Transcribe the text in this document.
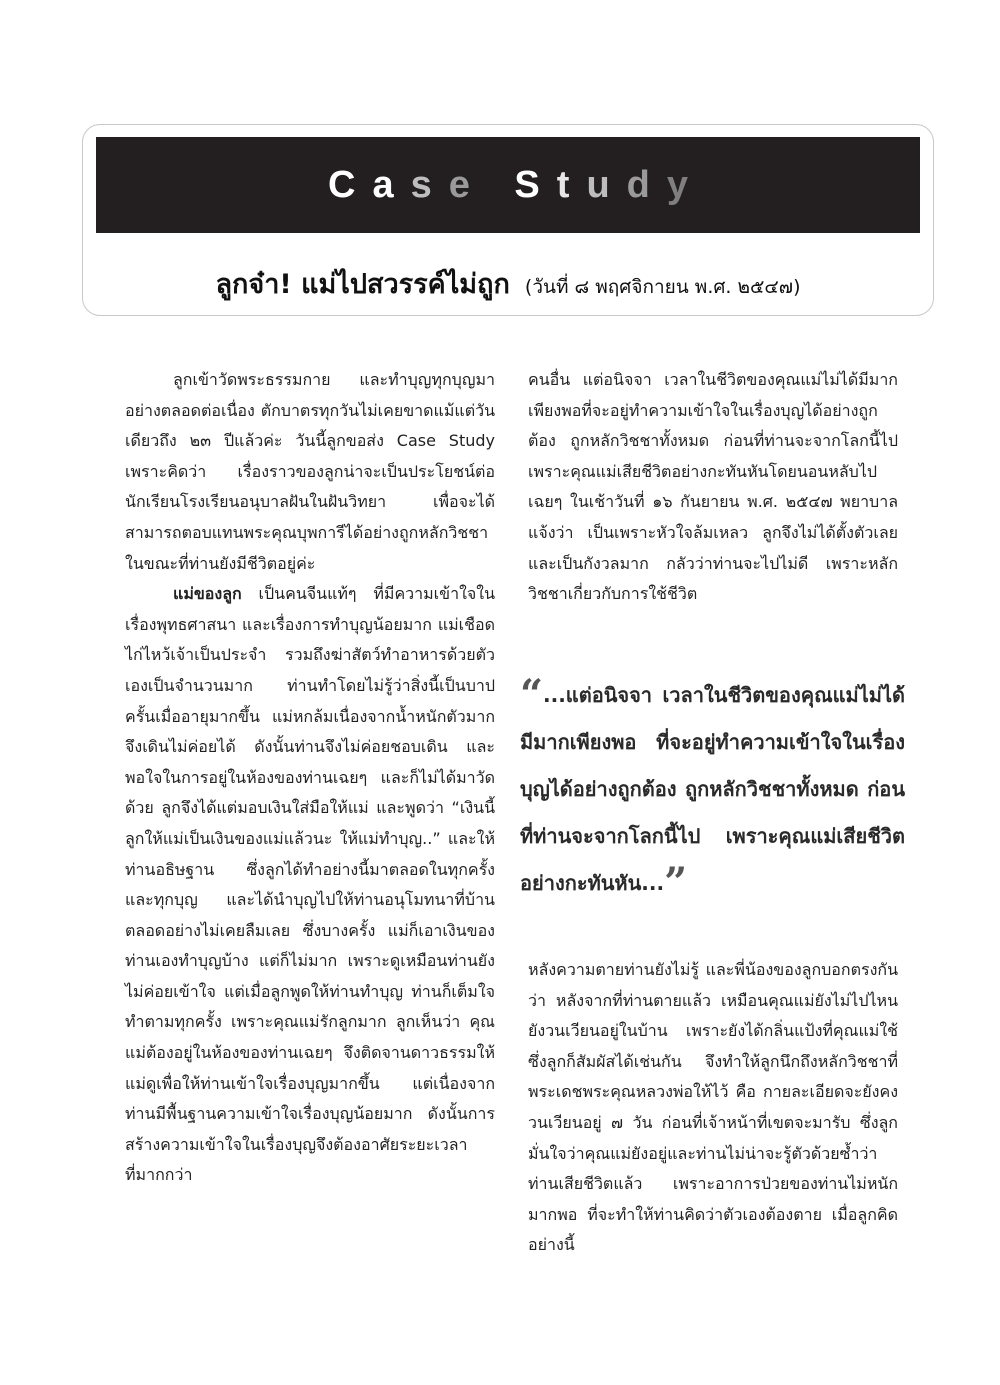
Case Study
ลูกจ๋า! แม่ไปสวรรค์ไม่ถูก (วันที่ ๘ พฤศจิกายน พ.ศ. ๒๕๔๗)

ลูกเข้าวัดพระธรรมกาย และทำบุญทุกบุญมาอย่างตลอดต่อเนื่อง ตักบาตรทุกวันไม่เคยขาดแม้แต่วันเดียวถึง ๒๓ ปีแล้วค่ะ วันนี้ลูกขอส่ง Case Study เพราะคิดว่า เรื่องราวของลูกน่าจะเป็นประโยชน์ต่อนักเรียนโรงเรียนอนุบาลฝันในฝันวิทยา เพื่อจะได้สามารถตอบแทนพระคุณบุพการีได้อย่างถูกหลักวิชชา ในขณะที่ท่านยังมีชีวิตอยู่ค่ะ

แม่ของลูก เป็นคนจีนแท้ๆ ที่มีความเข้าใจในเรื่องพุทธศาสนา และเรื่องการทำบุญน้อยมาก แม่เชือดไก่ไหว้เจ้าเป็นประจำ รวมถึงฆ่าสัตว์ทำอาหารด้วยตัวเองเป็นจำนวนมาก ท่านทำโดยไม่รู้ว่าสิ่งนี้เป็นบาป ครั้นเมื่ออายุมากขึ้น แม่หกล้มเนื่องจากน้ำหนักตัวมาก จึงเดินไม่ค่อยได้ ดังนั้นท่านจึงไม่ค่อยชอบเดิน และพอใจในการอยู่ในห้องของท่านเฉยๆ และก็ไม่ได้มาวัดด้วย ลูกจึงได้แต่มอบเงินใส่มือให้แม่ และพูดว่า “เงินนี้ลูกให้แม่เป็นเงินของแม่แล้วนะ ให้แม่ทำบุญ..” และให้ท่านอธิษฐาน ซึ่งลูกได้ทำอย่างนี้มาตลอดในทุกครั้งและทุกบุญ และได้นำบุญไปให้ท่านอนุโมทนาที่บ้านตลอดอย่างไม่เคยลืมเลย ซึ่งบางครั้ง แม่ก็เอาเงินของท่านเองทำบุญบ้าง แต่ก็ไม่มาก เพราะดูเหมือนท่านยังไม่ค่อยเข้าใจ แต่เมื่อลูกพูดให้ท่านทำบุญ ท่านก็เต็มใจทำตามทุกครั้ง เพราะคุณแม่รักลูกมาก ลูกเห็นว่า คุณแม่ต้องอยู่ในห้องของท่านเฉยๆ จึงติดจานดาวธรรมให้แม่ดูเพื่อให้ท่านเข้าใจเรื่องบุญมากขึ้น แต่เนื่องจากท่านมีพื้นฐานความเข้าใจเรื่องบุญน้อยมาก ดังนั้นการสร้างความเข้าใจในเรื่องบุญจึงต้องอาศัยระยะเวลาที่มากกว่า

คนอื่น แต่อนิจจา เวลาในชีวิตของคุณแม่ไม่ได้มีมากเพียงพอที่จะอยู่ทำความเข้าใจในเรื่องบุญได้อย่างถูกต้อง ถูกหลักวิชชาทั้งหมด ก่อนที่ท่านจะจากโลกนี้ไป เพราะคุณแม่เสียชีวิตอย่างกะทันหันโดยนอนหลับไปเฉยๆ ในเช้าวันที่ ๑๖ กันยายน พ.ศ. ๒๕๔๗ พยาบาลแจ้งว่า เป็นเพราะหัวใจล้มเหลว ลูกจึงไม่ได้ตั้งตัวเลย และเป็นกังวลมาก กลัวว่าท่านจะไปไม่ดี เพราะหลักวิชชาเกี่ยวกับการใช้ชีวิต

“...แต่อนิจจา เวลาในชีวิตของคุณแม่ไม่ได้มีมากเพียงพอ ที่จะอยู่ทำความเข้าใจในเรื่องบุญได้อย่างถูกต้อง ถูกหลักวิชชาทั้งหมด ก่อนที่ท่านจะจากโลกนี้ไป เพราะคุณแม่เสียชีวิตอย่างกะทันหัน...”

หลังความตายท่านยังไม่รู้ และพี่น้องของลูกบอกตรงกันว่า หลังจากที่ท่านตายแล้ว เหมือนคุณแม่ยังไม่ไปไหน ยังวนเวียนอยู่ในบ้าน เพราะยังได้กลิ่นแป้งที่คุณแม่ใช้ ซึ่งลูกก็สัมผัสได้เช่นกัน จึงทำให้ลูกนึกถึงหลักวิชชาที่พระเดชพระคุณหลวงพ่อให้ไว้ คือ กายละเอียดจะยังคงวนเวียนอยู่ ๗ วัน ก่อนที่เจ้าหน้าที่เขตจะมารับ ซึ่งลูกมั่นใจว่าคุณแม่ยังอยู่และท่านไม่น่าจะรู้ตัวด้วยซ้ำว่าท่านเสียชีวิตแล้ว เพราะอาการป่วยของท่านไม่หนักมากพอ ที่จะทำให้ท่านคิดว่าตัวเองต้องตาย เมื่อลูกคิดอย่างนี้
